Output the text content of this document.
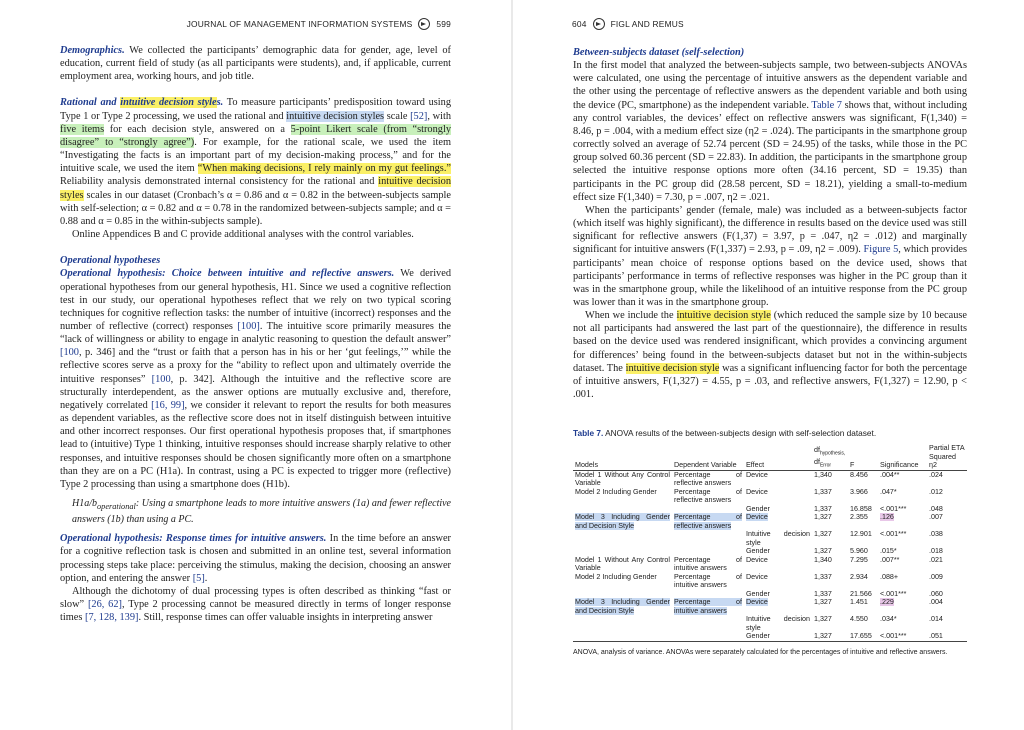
JOURNAL OF MANAGEMENT INFORMATION SYSTEMS	599

Demographics. We collected the participants’ demographic data for gender, age, level of education, current field of study (as all participants were students), and, if applicable, current employment area, working hours, and job title.

Rational and intuitive decision styles. To measure participants’ predisposition toward using Type 1 or Type 2 processing, we used the rational and intuitive decision styles scale [52], with five items for each decision style, answered on a 5-point Likert scale (from “strongly disagree” to “strongly agree”). For example, for the rational scale, we used the item “Investigating the facts is an important part of my decision-making process,” and for the intuitive scale, we used the item “When making decisions, I rely mainly on my gut feelings.” Reliability analysis demonstrated internal consistency for the rational and intuitive decision styles scales in our dataset (Cronbach’s α = 0.86 and α = 0.82 in the between-subjects sample with self-selection; α = 0.82 and α = 0.78 in the randomized between-subjects sample; and α = 0.88 and α = 0.85 in the within-subjects sample).

Online Appendices B and C provide additional analyses with the control variables.

Operational hypotheses

Operational hypothesis: Choice between intuitive and reflective answers. We derived operational hypotheses from our general hypothesis, H1. Since we used a cognitive reflection test in our study, our operational hypotheses reflect that we rely on two typical scoring techniques for cognitive reflection tasks: the number of intuitive (incorrect) responses and the number of reflective (correct) responses [100]. The intuitive score primarily measures the “lack of willingness or ability to engage in analytic reasoning to question the default answer” [100, p. 346] and the “trust or faith that a person has in his or her ‘gut feelings,’” while the reflective scores serve as a proxy for the “ability to reflect upon and ultimately override the intuitive responses” [100, p. 342]. Although the intuitive and the reflective score are structurally interdependent, as the answer options are mutually exclusive and, therefore, negatively correlated [16, 99], we consider it relevant to report the results for both measures as dependent variables, as the reflective score does not in itself distinguish between intuitive and other incorrect responses. Our first operational hypothesis proposes that, if smartphones lead to (intuitive) Type 1 thinking, intuitive responses should increase sharply relative to other responses, and intuitive responses should be chosen significantly more often on a smartphone than they are on a PC (H1a). In contrast, using a PC is expected to trigger more (reflective) Type 2 processing than using a smartphone does (H1b).

$H1a/b_{operational}$: Using a smartphone leads to more intuitive answers (1a) and fewer reflective answers (1b) than using a PC.

Operational hypothesis: Response times for intuitive answers. In the time before an answer for a cognitive reflection task is chosen and submitted in an online test, several information processing steps take place: perceiving the stimulus, making the decision, choosing an answer option, and entering the answer [5].

Although the dichotomy of dual processing types is often described as thinking “fast or slow” [26, 62], Type 2 processing cannot be measured directly in terms of longer response times [7, 128, 139]. Still, response times can offer valuable insights in interpreting answer

604	FIGL AND REMUS

Between-subjects dataset (self-selection)

In the first model that analyzed the between-subjects sample, two between-subjects ANOVAs were calculated, one using the percentage of intuitive answers as the dependent variable and the other using the percentage of reflective answers as the dependent variable and both using the device (PC, smartphone) as the independent variable. Table 7 shows that, without including any control variables, the devices’ effect on reflective answers was significant, F(1,340) = 8.46, p = .004, with a medium effect size (η2 = .024). The participants in the smartphone group correctly solved an average of 52.74 percent (SD = 24.95) of the tasks, while those in the PC group solved 60.36 percent (SD = 22.83). In addition, the participants in the smartphone group selected the intuitive response options more often (34.16 percent, SD = 19.35) than participants in the PC group did (28.58 percent, SD = 18.21), yielding a small-to-medium effect size F(1,340) = 7.30, p = .007, η2 = .021.

When the participants’ gender (female, male) was included as a between-subjects factor (which itself was highly significant), the difference in results based on the device used was still significant for reflective answers (F(1,37) = 3.97, p = .047, η2 = .012) and marginally significant for intuitive answers (F(1,337) = 2.93, p = .09, η2 = .009). Figure 5, which provides participants’ mean choice of response options based on the device used, shows that participants’ performance in terms of reflective responses was higher in the PC group than it was in the smartphone group, while the likelihood of an intuitive response from the PC group was lower than it was in the smartphone group.

When we include the intuitive decision style (which reduced the sample size by 10 because not all participants had answered the last part of the questionnaire), the difference in results based on the device used was rendered insignificant, which provides a convincing argument for differences’ being found in the between-subjects dataset but not in the within-subjects dataset. The intuitive decision style was a significant influencing factor for both the percentage of intuitive answers, F(1,327) = 4.55, p = .03, and reflective answers, F(1,327) = 12.90, p < .001.

Table 7. ANOVA results of the between-subjects design with self-selection dataset.
Models	Dependent Variable	Effect	$df_{hypothesis,}$
$df_{Error}$	F	Significance	Partial ETA
Squared η2
Model 1 Without Any Control Variable	Percentage of reflective answers	Device	1,340	8.456	.004**	.024
Model 2 Including Gender	Percentage of reflective answers	Device	1,337	3.966	.047*	.012
		Gender	1,337	16.858	<.001***	.048
Model 3 Including Gender and Decision Style	Percentage of reflective answers	Device	1,327	2.355	.126	.007
		Intuitive decision style	1,327	12.901	<.001***	.038
		Gender	1,327	5.960	.015*	.018
Model 1 Without Any Control Variable	Percentage of intuitive answers	Device	1,340	7.295	.007**	.021
Model 2 Including Gender	Percentage of intuitive answers	Device	1,337	2.934	.088+	.009
		Gender	1,337	21.566	<.001***	.060
Model 3 Including Gender and Decision Style	Percentage of intuitive answers	Device	1,327	1.451	.229	.004
		Intuitive decision style	1,327	4.550	.034*	.014
		Gender	1,327	17.655	<.001***	.051
ANOVA, analysis of variance. ANOVAs were separately calculated for the percentages of intuitive and reflective answers.
